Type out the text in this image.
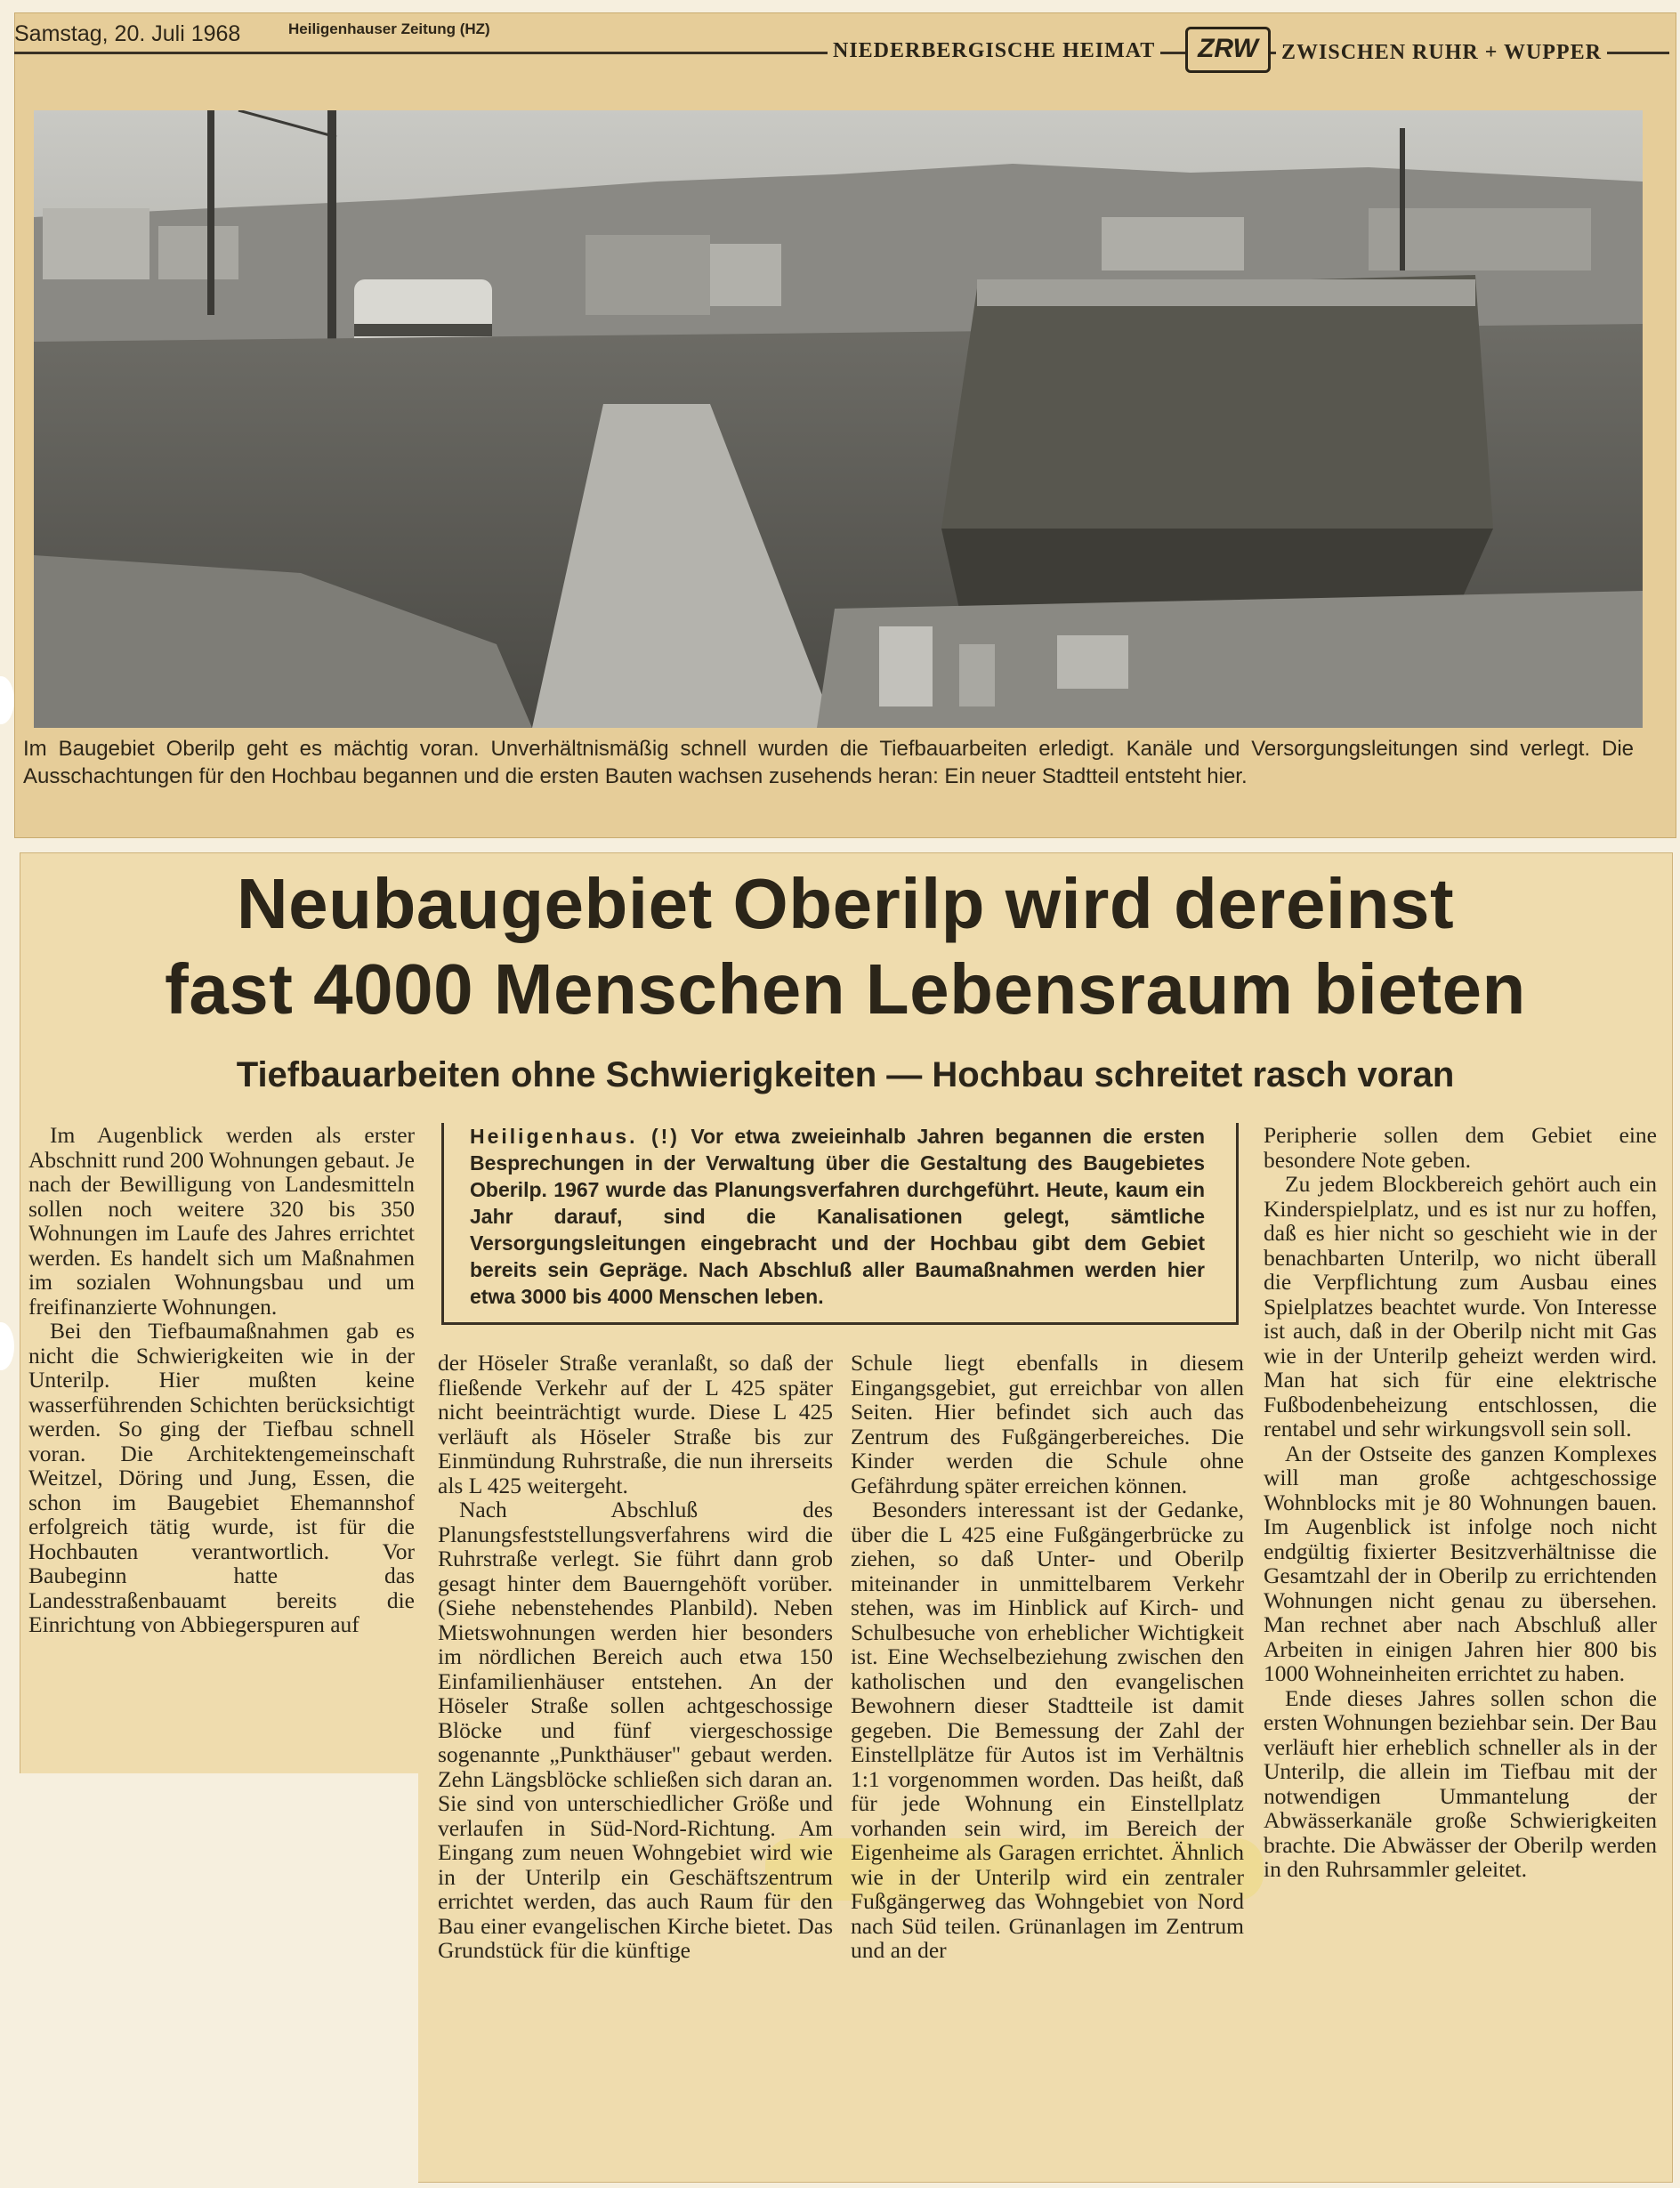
Samstag, 20. Juli 1968	Heiligenhauser Zeitung (HZ)
NIEDERBERGISCHE HEIMAT	ZRW	ZWISCHEN RUHR + WUPPER
Im Baugebiet Oberilp geht es mächtig voran. Unverhältnismäßig schnell wurden die Tiefbauarbeiten erledigt. Kanäle und Versorgungsleitungen sind verlegt. Die Ausschachtungen für den Hochbau begannen und die ersten Bauten wachsen zusehends heran: Ein neuer Stadtteil entsteht hier.
Neubaugebiet Oberilp wird dereinst
fast 4000 Menschen Lebensraum bieten
Tiefbauarbeiten ohne Schwierigkeiten — Hochbau schreitet rasch voran
Heiligenhaus. (!) Vor etwa zweieinhalb Jahren begannen die ersten Besprechungen in der Verwaltung über die Gestaltung des Baugebietes Oberilp. 1967 wurde das Planungsverfahren durchgeführt. Heute, kaum ein Jahr darauf, sind die Kanalisationen gelegt, sämtliche Versorgungsleitungen eingebracht und der Hochbau gibt dem Gebiet bereits sein Gepräge. Nach Abschluß aller Baumaßnahmen werden hier etwa 3000 bis 4000 Menschen leben.

Im Augenblick werden als erster Abschnitt rund 200 Wohnungen gebaut. Je nach der Bewilligung von Landesmitteln sollen noch weitere 320 bis 350 Wohnungen im Laufe des Jahres errichtet werden. Es handelt sich um Maßnahmen im sozialen Wohnungsbau und um freifinanzierte Wohnungen.

Bei den Tiefbaumaßnahmen gab es nicht die Schwierigkeiten wie in der Unterilp. Hier mußten keine wasserführenden Schichten berücksichtigt werden. So ging der Tiefbau schnell voran. Die Architektengemeinschaft Weitzel, Döring und Jung, Essen, die schon im Baugebiet Ehemannshof erfolgreich tätig wurde, ist für die Hochbauten verantwortlich. Vor Baubeginn hatte das Landesstraßenbauamt bereits die Einrichtung von Abbiegerspuren auf

der Höseler Straße veranlaßt, so daß der fließende Verkehr auf der L 425 später nicht beeinträchtigt wurde. Diese L 425 verläuft als Höseler Straße bis zur Einmündung Ruhrstraße, die nun ihrerseits als L 425 weitergeht.

Nach Abschluß des Planungsfeststellungsverfahrens wird die Ruhrstraße verlegt. Sie führt dann grob gesagt hinter dem Bauerngehöft vorüber. (Siehe nebenstehendes Planbild). Neben Mietswohnungen werden hier besonders im nördlichen Bereich auch etwa 150 Einfamilienhäuser entstehen. An der Höseler Straße sollen achtgeschossige Blöcke und fünf viergeschossige sogenannte „Punkthäuser" gebaut werden. Zehn Längsblöcke schließen sich daran an. Sie sind von unterschiedlicher Größe und verlaufen in Süd-Nord-Richtung. Am Eingang zum neuen Wohngebiet wird wie in der Unterilp ein Geschäftszentrum errichtet werden, das auch Raum für den Bau einer evangelischen Kirche bietet. Das Grundstück für die künftige

Schule liegt ebenfalls in diesem Eingangsgebiet, gut erreichbar von allen Seiten. Hier befindet sich auch das Zentrum des Fußgängerbereiches. Die Kinder werden die Schule ohne Gefährdung später erreichen können.

Besonders interessant ist der Gedanke, über die L 425 eine Fußgängerbrücke zu ziehen, so daß Unter- und Oberilp miteinander in unmittelbarem Verkehr stehen, was im Hinblick auf Kirch- und Schulbesuche von erheblicher Wichtigkeit ist. Eine Wechselbeziehung zwischen den katholischen und den evangelischen Bewohnern dieser Stadtteile ist damit gegeben. Die Bemessung der Zahl der Einstellplätze für Autos ist im Verhältnis 1:1 vorgenommen worden. Das heißt, daß für jede Wohnung ein Einstellplatz vorhanden sein wird, im Bereich der Eigenheime als Garagen errichtet. Ähnlich wie in der Unterilp wird ein zentraler Fußgängerweg das Wohngebiet von Nord nach Süd teilen. Grünanlagen im Zentrum und an der

Peripherie sollen dem Gebiet eine besondere Note geben.

Zu jedem Blockbereich gehört auch ein Kinderspielplatz, und es ist nur zu hoffen, daß es hier nicht so geschieht wie in der benachbarten Unterilp, wo nicht überall die Verpflichtung zum Ausbau eines Spielplatzes beachtet wurde. Von Interesse ist auch, daß in der Oberilp nicht mit Gas wie in der Unterilp geheizt werden wird. Man hat sich für eine elektrische Fußbodenbeheizung entschlossen, die rentabel und sehr wirkungsvoll sein soll.

An der Ostseite des ganzen Komplexes will man große achtgeschossige Wohnblocks mit je 80 Wohnungen bauen. Im Augenblick ist infolge noch nicht endgültig fixierter Besitzverhältnisse die Gesamtzahl der in Oberilp zu errichtenden Wohnungen nicht genau zu übersehen. Man rechnet aber nach Abschluß aller Arbeiten in einigen Jahren hier 800 bis 1000 Wohneinheiten errichtet zu haben.

Ende dieses Jahres sollen schon die ersten Wohnungen beziehbar sein. Der Bau verläuft hier erheblich schneller als in der Unterilp, die allein im Tiefbau mit der notwendigen Ummantelung der Abwässerkanäle große Schwierigkeiten brachte. Die Abwässer der Oberilp werden in den Ruhrsammler geleitet.
